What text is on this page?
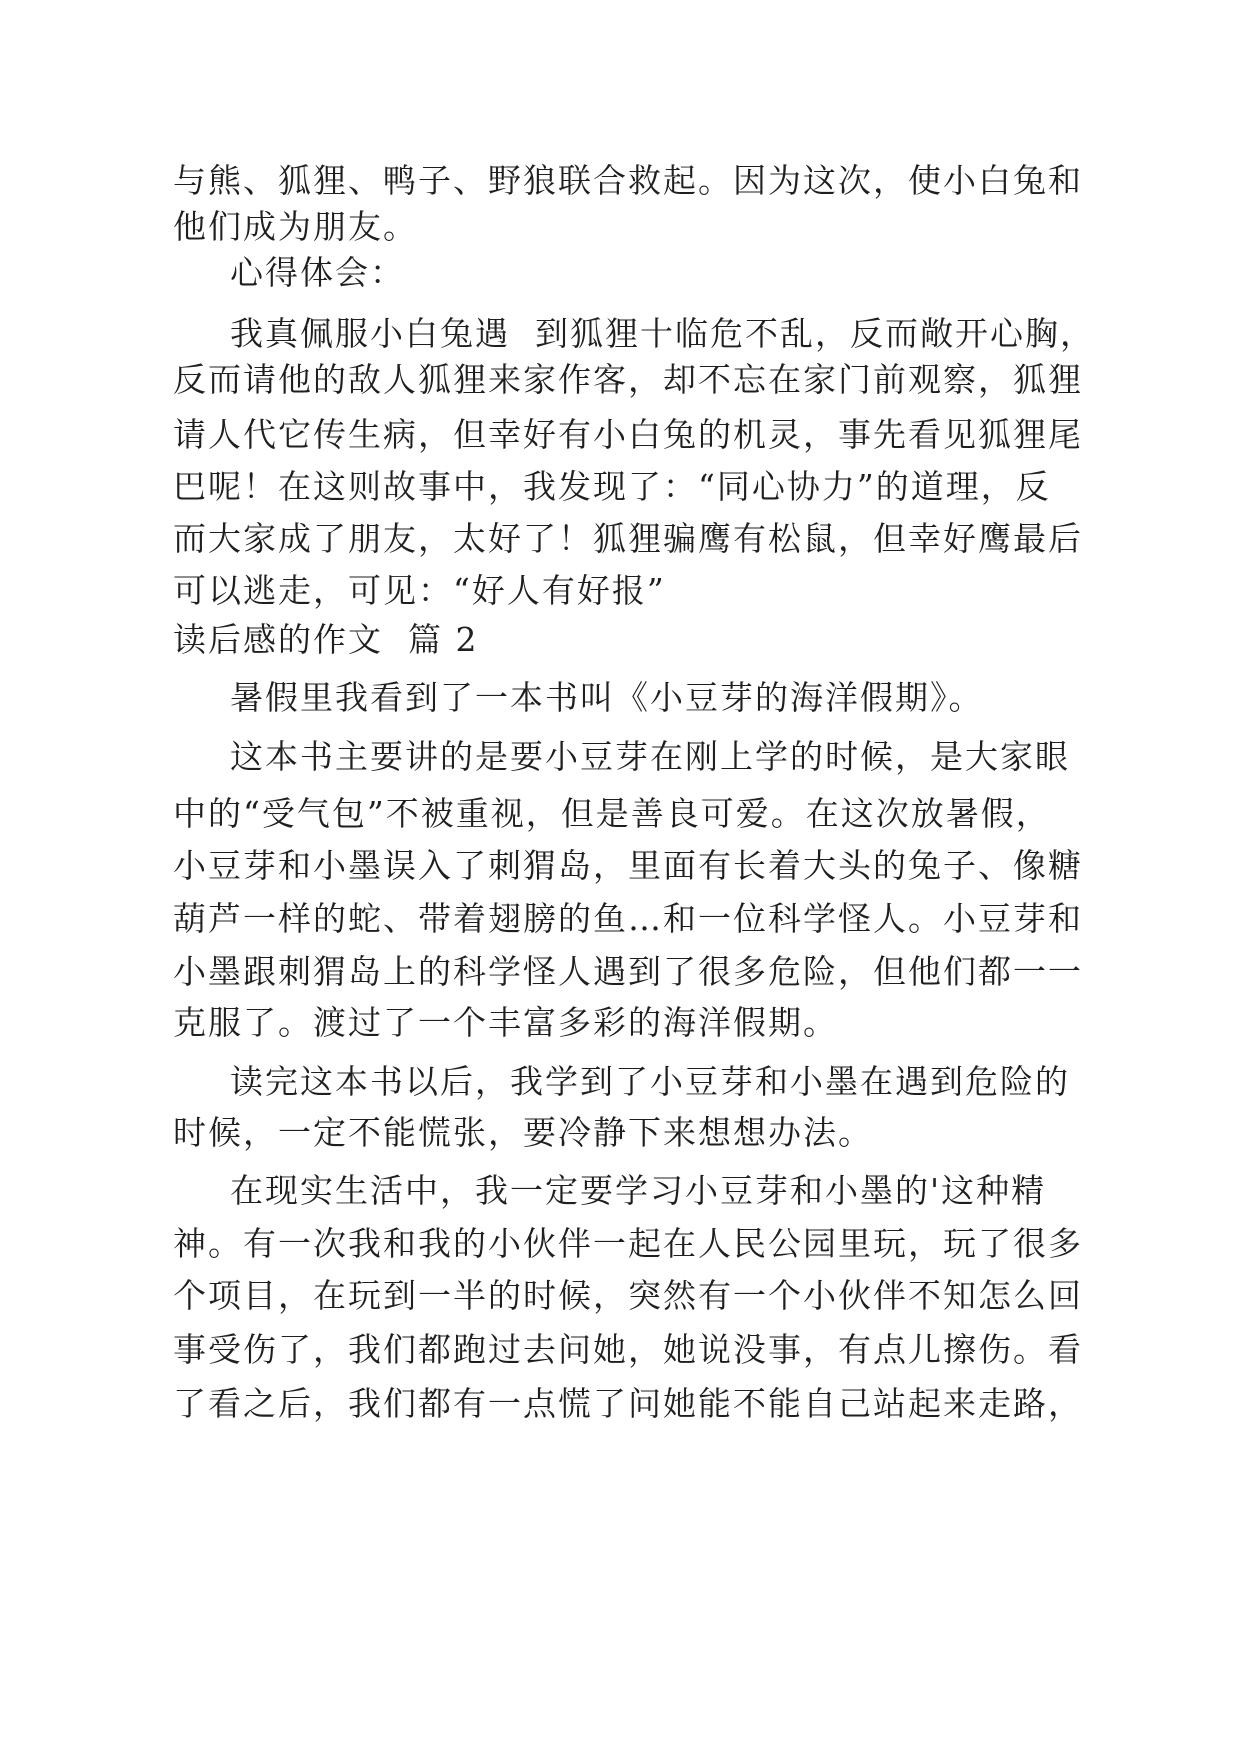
与熊、狐狸、鸭子、野狼联合救起。因为这次，使小白兔和

他们成为朋友。

心得体会：

我真佩服小白兔遇  到狐狸十临危不乱，反而敞开心胸，

反而请他的敌人狐狸来家作客，却不忘在家门前观察，狐狸

请人代它传生病，但幸好有小白兔的机灵，事先看见狐狸尾

巴呢！在这则故事中，我发现了：“同心协力”的道理，反

而大家成了朋友，太好了！狐狸骗鹰有松鼠，但幸好鹰最后

可以逃走，可见：“好人有好报”

读后感的作文  篇 2

暑假里我看到了一本书叫《小豆芽的海洋假期》。

这本书主要讲的是要小豆芽在刚上学的时候，是大家眼

中的“受气包”不被重视，但是善良可爱。在这次放暑假，

小豆芽和小墨误入了刺猬岛，里面有长着大头的兔子、像糖

葫芦一样的蛇、带着翅膀的鱼…和一位科学怪人。小豆芽和

小墨跟刺猬岛上的科学怪人遇到了很多危险，但他们都一一

克服了。渡过了一个丰富多彩的海洋假期。

读完这本书以后，我学到了小豆芽和小墨在遇到危险的

时候，一定不能慌张，要冷静下来想想办法。

在现实生活中，我一定要学习小豆芽和小墨的'这种精

神。有一次我和我的小伙伴一起在人民公园里玩，玩了很多

个项目，在玩到一半的时候，突然有一个小伙伴不知怎么回

事受伤了，我们都跑过去问她，她说没事，有点儿擦伤。看

了看之后，我们都有一点慌了问她能不能自己站起来走路，
